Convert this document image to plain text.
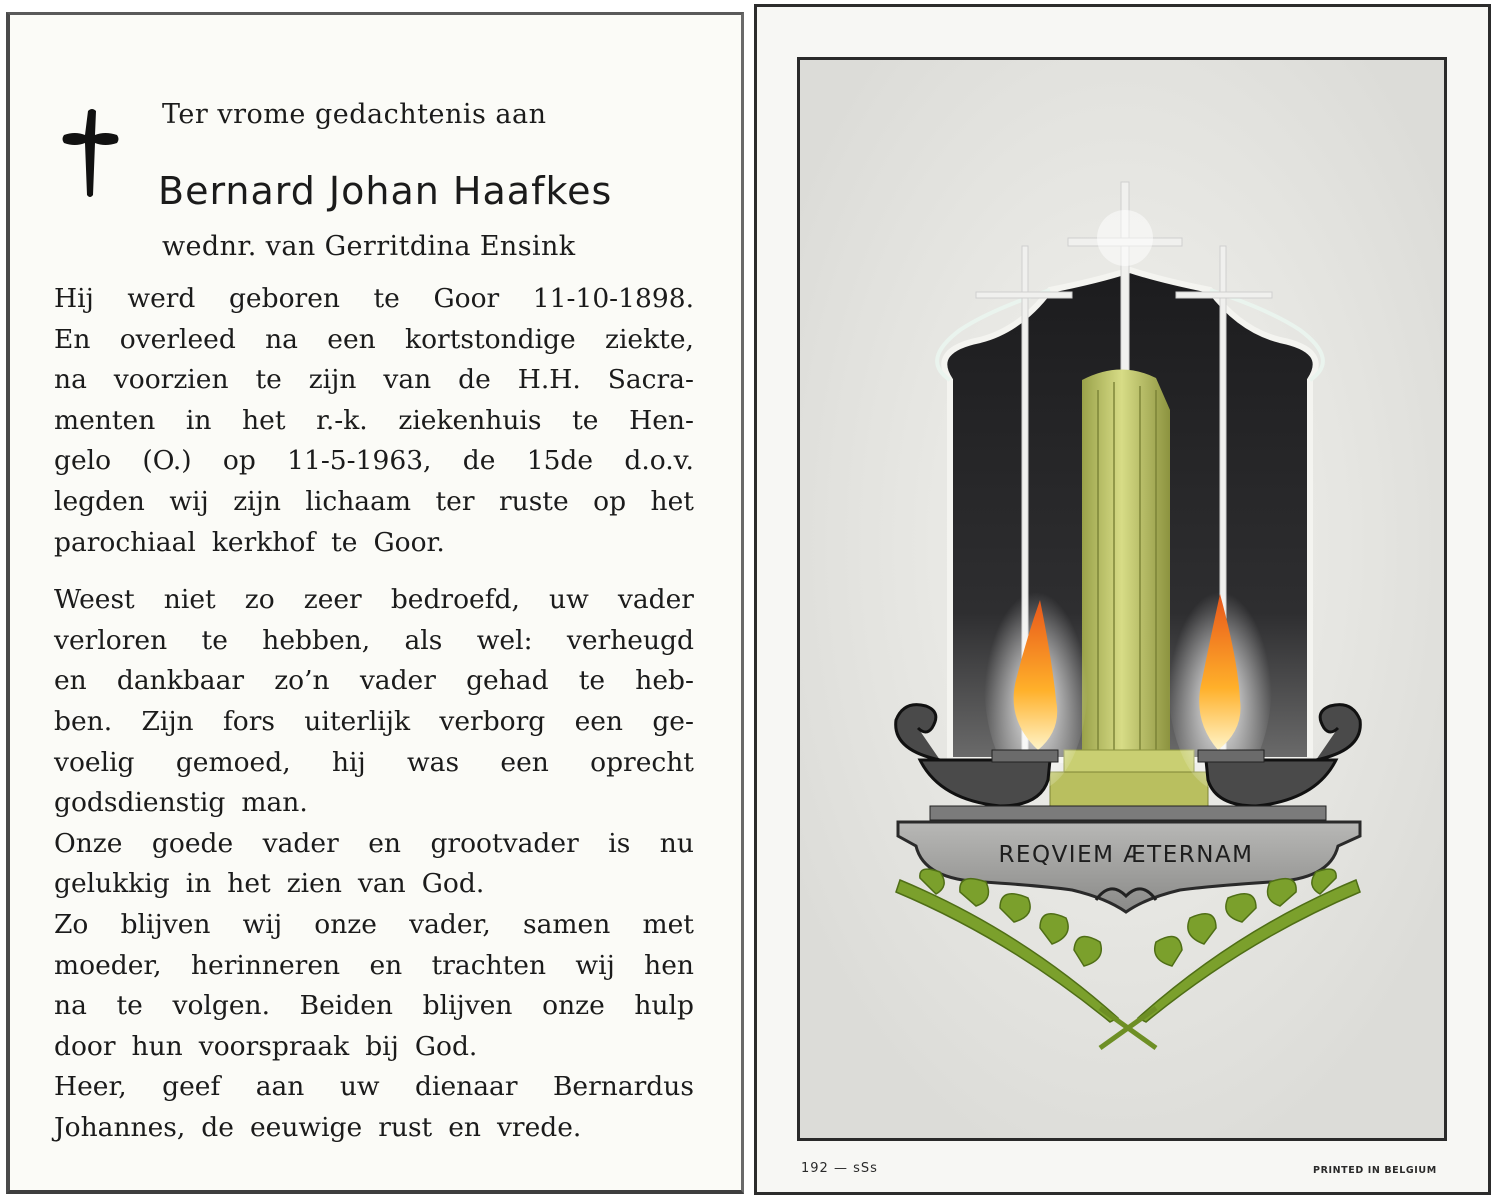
Ter vrome gedachtenis aan
Bernard Johan Haafkes
wednr. van Gerritdina Ensink
Hij werd geboren te Goor 11-10-1898.
En overleed na een kortstondige ziekte,
na voorzien te zijn van de H.H. Sacra-
menten in het r.-k. ziekenhuis te Hen-
gelo (O.) op 11-5-1963, de 15de d.o.v.
legden wij zijn lichaam ter ruste op het
parochiaal kerkhof te Goor.
Weest niet zo zeer bedroefd, uw vader
verloren te hebben, als wel: verheugd
en dankbaar zo’n vader gehad te heb-
ben. Zijn fors uiterlijk verborg een ge-
voelig gemoed, hij was een oprecht
godsdienstig man.
Onze goede vader en grootvader is nu
gelukkig in het zien van God.
Zo blijven wij onze vader, samen met
moeder, herinneren en trachten wij hen
na te volgen. Beiden blijven onze hulp
door hun voorspraak bij God.
Heer, geef aan uw dienaar Bernardus
Johannes, de eeuwige rust en vrede.
REQVIEM ÆTERNAM
192 — sSs	PRINTED IN BELGIUM
